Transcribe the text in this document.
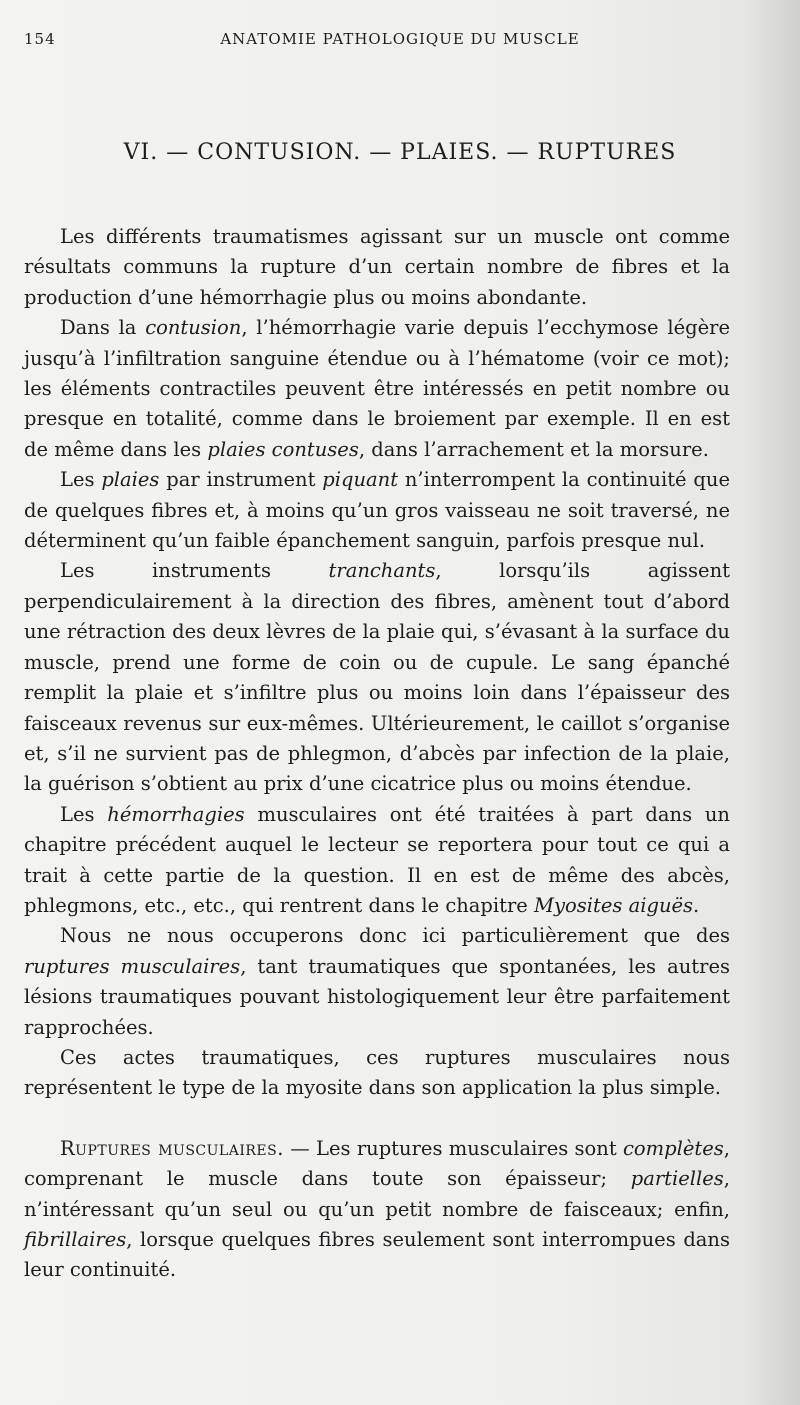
154	ANATOMIE PATHOLOGIQUE DU MUSCLE
VI. — CONTUSION. — PLAIES. — RUPTURES

Les différents traumatismes agissant sur un muscle ont comme résultats communs la rupture d’un certain nombre de fibres et la production d’une hémorrhagie plus ou moins abondante.

Dans la contusion, l’hémorrhagie varie depuis l’ecchymose légère jusqu’à l’infiltration sanguine étendue ou à l’hématome (voir ce mot); les éléments contractiles peuvent être intéressés en petit nombre ou presque en totalité, comme dans le broiement par exemple. Il en est de même dans les plaies contuses, dans l’arrachement et la morsure.

Les plaies par instrument piquant n’interrompent la continuité que de quelques fibres et, à moins qu’un gros vaisseau ne soit traversé, ne déterminent qu’un faible épanchement sanguin, parfois presque nul.

Les instruments tranchants, lorsqu’ils agissent perpendiculairement à la direction des fibres, amènent tout d’abord une rétraction des deux lèvres de la plaie qui, s’évasant à la surface du muscle, prend une forme de coin ou de cupule. Le sang épanché remplit la plaie et s’infiltre plus ou moins loin dans l’épaisseur des faisceaux revenus sur eux-mêmes. Ultérieurement, le caillot s’organise et, s’il ne survient pas de phlegmon, d’abcès par infection de la plaie, la guérison s’obtient au prix d’une cicatrice plus ou moins étendue.

Les hémorrhagies musculaires ont été traitées à part dans un chapitre précédent auquel le lecteur se reportera pour tout ce qui a trait à cette partie de la question. Il en est de même des abcès, phlegmons, etc., etc., qui rentrent dans le chapitre Myosites aiguës.

Nous ne nous occuperons donc ici particulièrement que des ruptures musculaires, tant traumatiques que spontanées, les autres lésions traumatiques pouvant histologiquement leur être parfaitement rapprochées.

Ces actes traumatiques, ces ruptures musculaires nous représentent le type de la myosite dans son application la plus simple.

Ruptures musculaires. — Les ruptures musculaires sont complètes, comprenant le muscle dans toute son épaisseur; partielles, n’intéressant qu’un seul ou qu’un petit nombre de faisceaux; enfin, fibrillaires, lorsque quelques fibres seulement sont interrompues dans leur continuité.
